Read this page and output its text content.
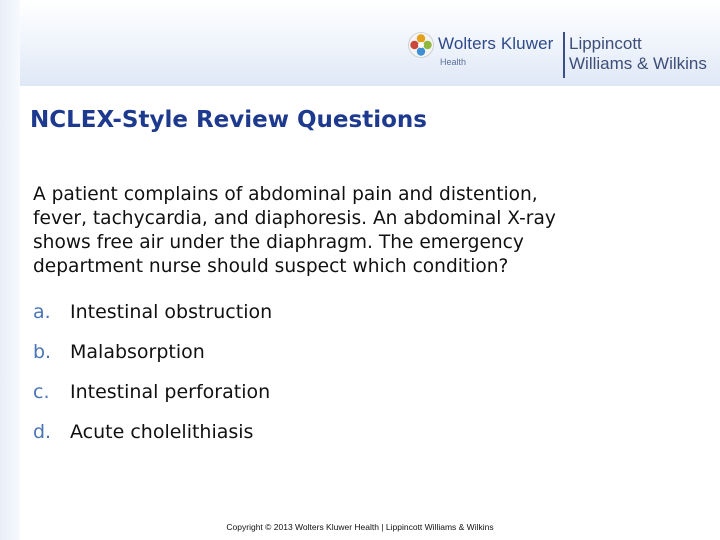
Wolters Kluwer
Health
Lippincott
Williams & Wilkins
NCLEX-Style Review Questions
A patient complains of abdominal pain and distention,
fever, tachycardia, and diaphoresis. An abdominal X-ray
shows free air under the diaphragm. The emergency
department nurse should suspect which condition?
a. Intestinal obstruction
b. Malabsorption
c. Intestinal perforation
d. Acute cholelithiasis
Copyright © 2013 Wolters Kluwer Health | Lippincott Williams & Wilkins
